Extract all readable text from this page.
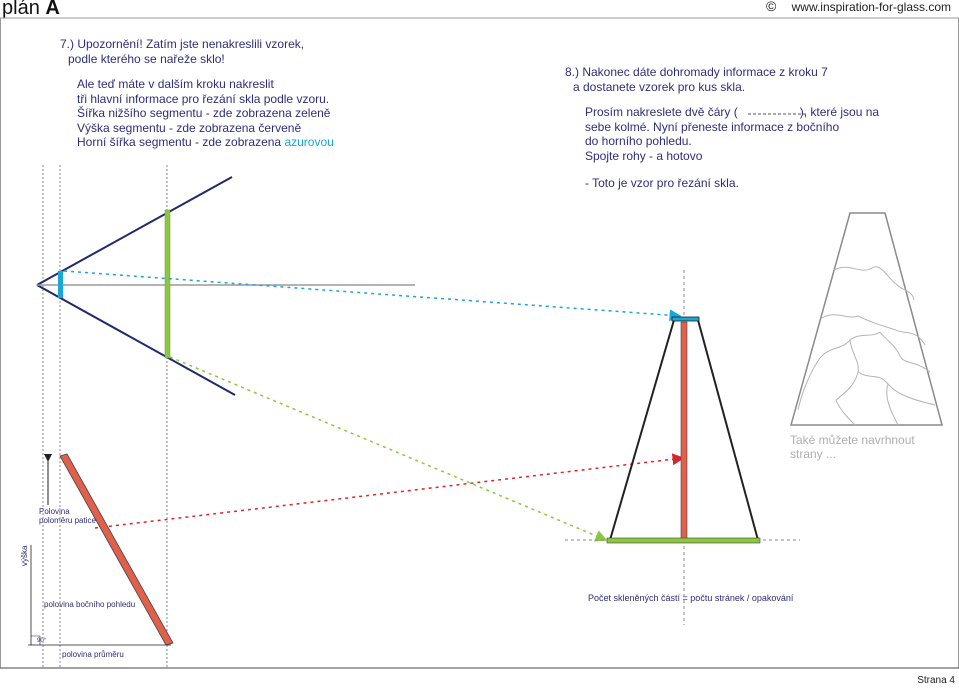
plán A	© www.inspiration-for-glass.com
7.) Upozornění! Zatím jste nenakreslili vzorek,
podle kterého se nařeže sklo!
Ale teď máte v dalším kroku nakreslit
tři hlavní informace pro řezání skla podle vzoru.
Šířka nižšího segmentu - zde zobrazena zeleně
Výška segmentu - zde zobrazena červeně
Horní šířka segmentu - zde zobrazena azurovou
8.) Nakonec dáte dohromady informace z kroku 7
a dostanete vzorek pro kus skla.
Prosím nakreslete dvě čáry (	), které jsou na
sebe kolmé. Nyní přeneste informace z bočního
do horního pohledu.
Spojte rohy - a hotovo
- Toto je vzor pro řezání skla.
Také můžete navrhnout
strany ...
Polovina
poloměru patice
výška
polovina bočního pohledu
90°
polovina průměru
Počet skleněných částí = počtu stránek / opakování
Strana 4
